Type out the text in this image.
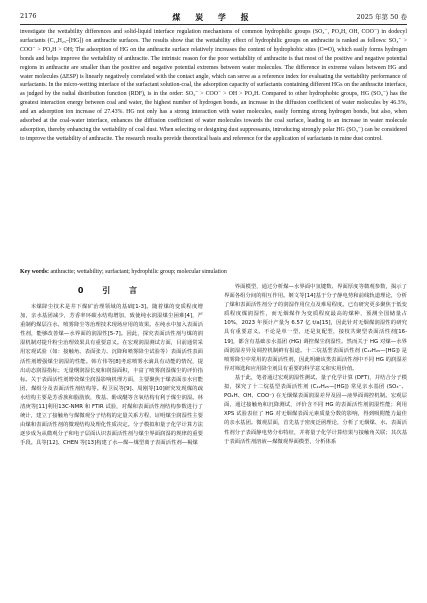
2176	煤 炭 学 报	2025 年第 50 卷

investigate the wettability differences and solid-liquid interface regulation mechanisms of common hydrophilic groups (SO₃⁻, PO₄H, OH, COO⁻) in dodecyl surfactants (C₁₂H₂₅–[HG]) on anthracite surfaces. The results show that the wettability effect of hydrophilic groups on anthracite is ranked as follows: SO₃⁻ > COO⁻ > PO₄H > OH; The adsorption of HG on the anthracite surface relatively increases the content of hydrophobic sites (C═O), which easily forms hydrogen bonds and helps improve the wettability of anthracite. The intrinsic reason for the poor wettability of anthracite is that most of the positive and negative potential regions in anthracite are smaller than the positive and negative potential extremes between water molecules. The difference in extreme values between HG and water molecules (ΔESP) is linearly negatively correlated with the contact angle, which can serve as a reference index for evaluating the wettability performance of surfactants. In the micro-wetting interface of the surfactant solution-coal, the adsorption capacity of surfactants containing different HGs on the anthracite interface, as judged by the radial distribution function (RDF), is in the order: SO₃⁻ > COO⁻ > OH > PO₄H. Compared to other hydrophobic groups, HG (SO₃⁻) has the greatest interaction energy between coal and water, the highest number of hydrogen bonds, an increase in the diffusion coefficient of water molecules by 46.3%, and an adsorption ion increase of 27.43%. HG not only has a strong interaction with water molecules, easily forming strong hydrogen bonds, but also, when adsorbed at the coal-water interface, enhances the diffusion coefficient of water molecules towards the coal surface, leading to an increase in water molecule adsorption, thereby enhancing the wettability of coal dust. When selecting or designing dust suppressants, introducing strongly polar HG (SO₃⁻) can be considered to improve the wettability of anthracite. The research results provide theoretical basis and reference for the application of surfactants in mine dust control.

Key words: anthracite; wettability; surfactant; hydrophilic group; molecular simulation
0 引 言

本煤降尘技术是井下煤矿治理领域的基础[1-3]。随着煤的变质程度增加，亲水基团减少，芳香率环碳水结构增加，致使纯水润湿煤尘困难[4]，严重制约煤层注水、喷雾降尘等治理技术现场应用的效果。在纯水中加入表面活性剂，能够改善煤—水界面的润湿性[5-7]。因此，探究表面活性剂与煤的润湿机制对提升粉尘治理效果具有重要意义。在宏观润湿测试方面，目前通常采用宏观试验（如：接触角、表面张力、沉降和喷雾降尘试验等）表面活性表面活性剂增强煤尘润湿的性能。韩方伟等[8]考虑喷雾水滴具有动能的情况，提出动态润湿指标；无量纲润湿长度和润湿面积，丰富了喷雾润湿煤尘的评价指标。关于表面活性剂增效煤尘润湿影响机理方面，主要聚焦于煤表面亲水官能团、煤组分及表面活性剂结构等。程卫民等[9]、周刚等[10]研究发现煤的疏水结构主要是芳香族和脂肪族，羧基、酚或醚等含氧结构有利于煤尘润湿。林清庚等[11]利用13C-NMR 和 FTIR 试验，对煤和表面活性剂结构参数进行了统计，建立了接触角与煤微观分子结构的定量关系方程，证明煤尘润湿性主要由煤和表面活性剂的微观结构及理化性质决定。分子模拟和量子化学计算方法逐步成为从微观分子和电子层面认识表面活性剂与煤尘界面润湿的规律的重要手段。具等[12]、CHEN 等[13]构建了水—煤—煤型离子表面活性剂—褐煤

界面模型，通过分析煤—水界面中氢键数、界面厚度等微观参数，揭示了界面各组分间的相互作用。姬文等[14]基于分子静电势和前线轨道理论，分析了煤和表面活性剂分子的润湿作用位点及难易程度。已有研究更多聚焦于低变质程度煤润湿性，而无烟煤作为变质程度最高的煤种，预测全国储量占 10%，2023 年预计产量为 6.57 亿 t/a[15]，因此针对无烟煤润湿性的研究具有重要意义。不论是单一型，还是复配型，接枝共聚型表面活性剂[16-19]，都含有基础亲水基团 (HG) 调控煤尘润湿性。然而关于 HG 对煤—水界面润湿差异及调控机制鲜有报道。十二烷基型表面活性剂 (C₁₂H₂₅—[HG]) 是喷雾降尘中常用的表面活性剂，因此明确该类表面活性剂中不同 HG 的润湿差异对筛选和应用降尘剂具有重要的科学意义和实用价值。

基于此，笔者通过宏观润湿性测试、量子化学计算 (DFT)，并结合分子模拟，探究了十二烷基型表面活性剂 (C₁₂H₂₅—[HG]) 常见亲水基团 (SO₃⁻、PO₄H、OH、COO⁻) 在无烟煤表面润湿差异及固—液界面调控机制。宏观层面，通过接触角和沉降测试，评价含不同 HG 的表面活性剂润湿性能；利用 XPS 试验表征了 HG 对无烟煤表面元素质量分数的影响，得到吸附能力最佳的亲水基团。微观层面，首先基于密度泛函理论，分析了无烟煤、水、表面活性剂分子表面静电势分布特征，并将量子化学计算结果与接触角关联；其次基于表面活性剂溶液—煤微观界面模型，分析体系
